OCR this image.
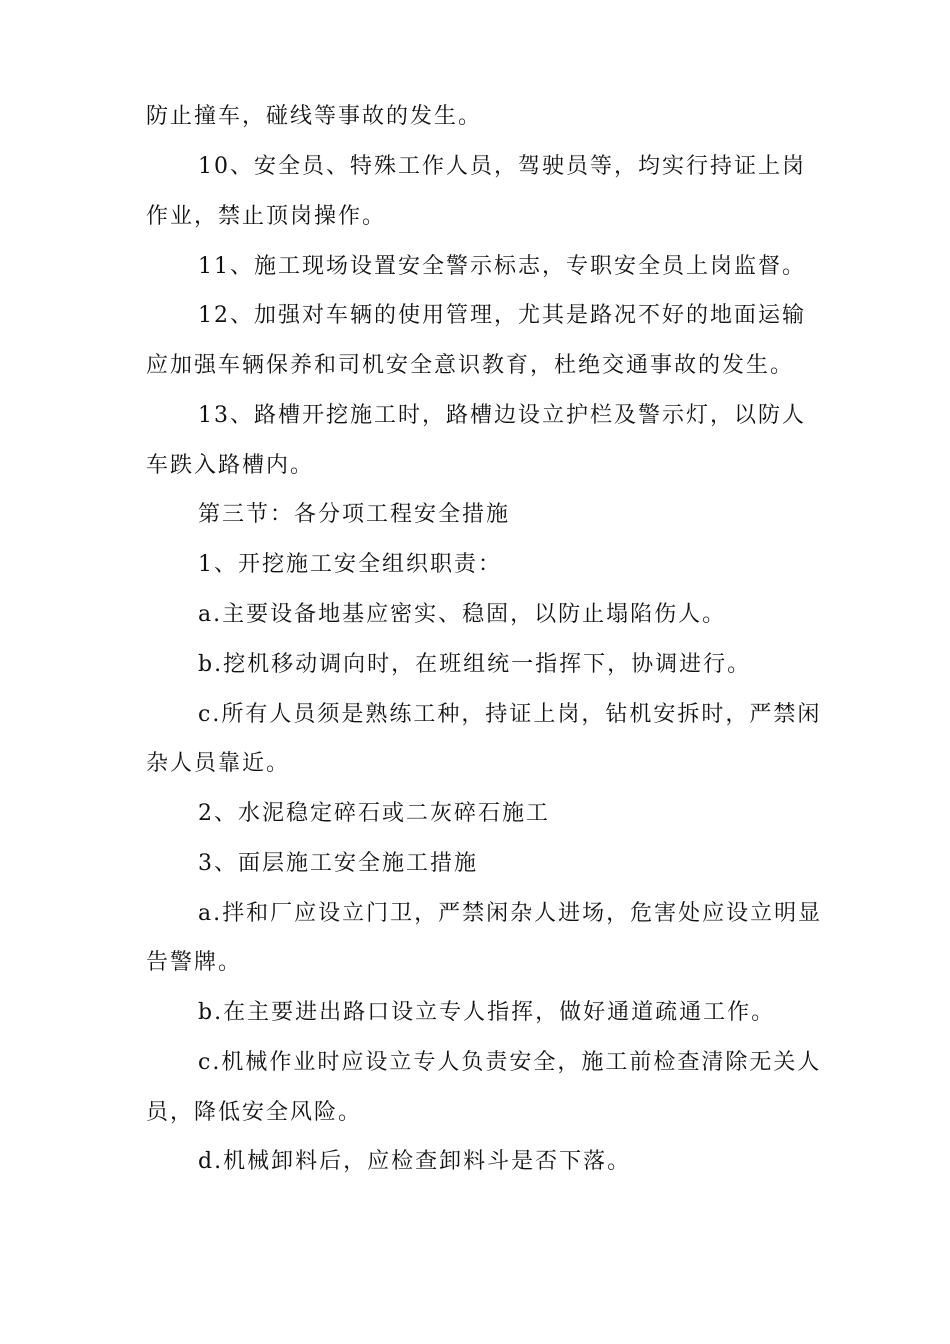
防止撞车，碰线等事故的发生。
10、安全员、特殊工作人员，驾驶员等，均实行持证上岗
作业，禁止顶岗操作。
11、施工现场设置安全警示标志，专职安全员上岗监督。
12、加强对车辆的使用管理，尤其是路况不好的地面运输
应加强车辆保养和司机安全意识教育，杜绝交通事故的发生。
13、路槽开挖施工时，路槽边设立护栏及警示灯，以防人
车跌入路槽内。
第三节：各分项工程安全措施
1、开挖施工安全组织职责：
a.主要设备地基应密实、稳固，以防止塌陷伤人。
b.挖机移动调向时，在班组统一指挥下，协调进行。
c.所有人员须是熟练工种，持证上岗，钻机安拆时，严禁闲
杂人员靠近。
2、水泥稳定碎石或二灰碎石施工
3、面层施工安全施工措施
a.拌和厂应设立门卫，严禁闲杂人进场，危害处应设立明显
告警牌。
b.在主要进出路口设立专人指挥，做好通道疏通工作。
c.机械作业时应设立专人负责安全，施工前检查清除无关人
员，降低安全风险。
d.机械卸料后，应检查卸料斗是否下落。
